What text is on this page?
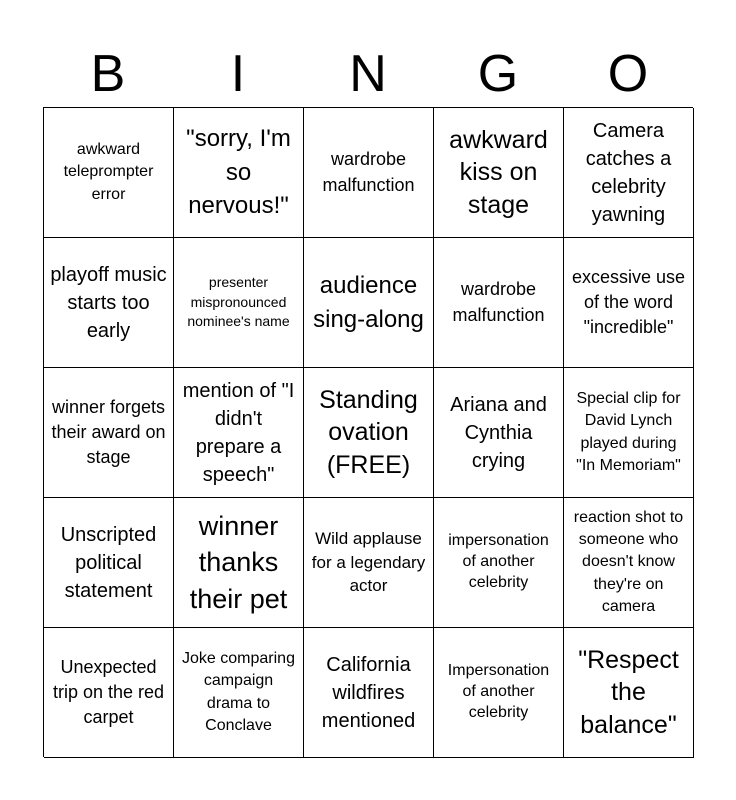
B	I	N	G	O
awkward teleprompter error
"sorry, I'm so nervous!"
wardrobe malfunction
awkward kiss on stage
Camera catches a celebrity yawning
playoff music starts too early
presenter mispronounced nominee's name
audience sing-along
wardrobe malfunction
excessive use of the word "incredible"
winner forgets their award on stage
mention of "I didn't prepare a speech"
Standing ovation (FREE)
Ariana and Cynthia crying
Special clip for David Lynch played during "In Memoriam"
Unscripted political statement
winner thanks their pet
Wild applause for a legendary actor
impersonation of another celebrity
reaction shot to someone who doesn't know they're on camera
Unexpected trip on the red carpet
Joke comparing campaign drama to Conclave
California wildfires mentioned
Impersonation of another celebrity
"Respect the balance"
